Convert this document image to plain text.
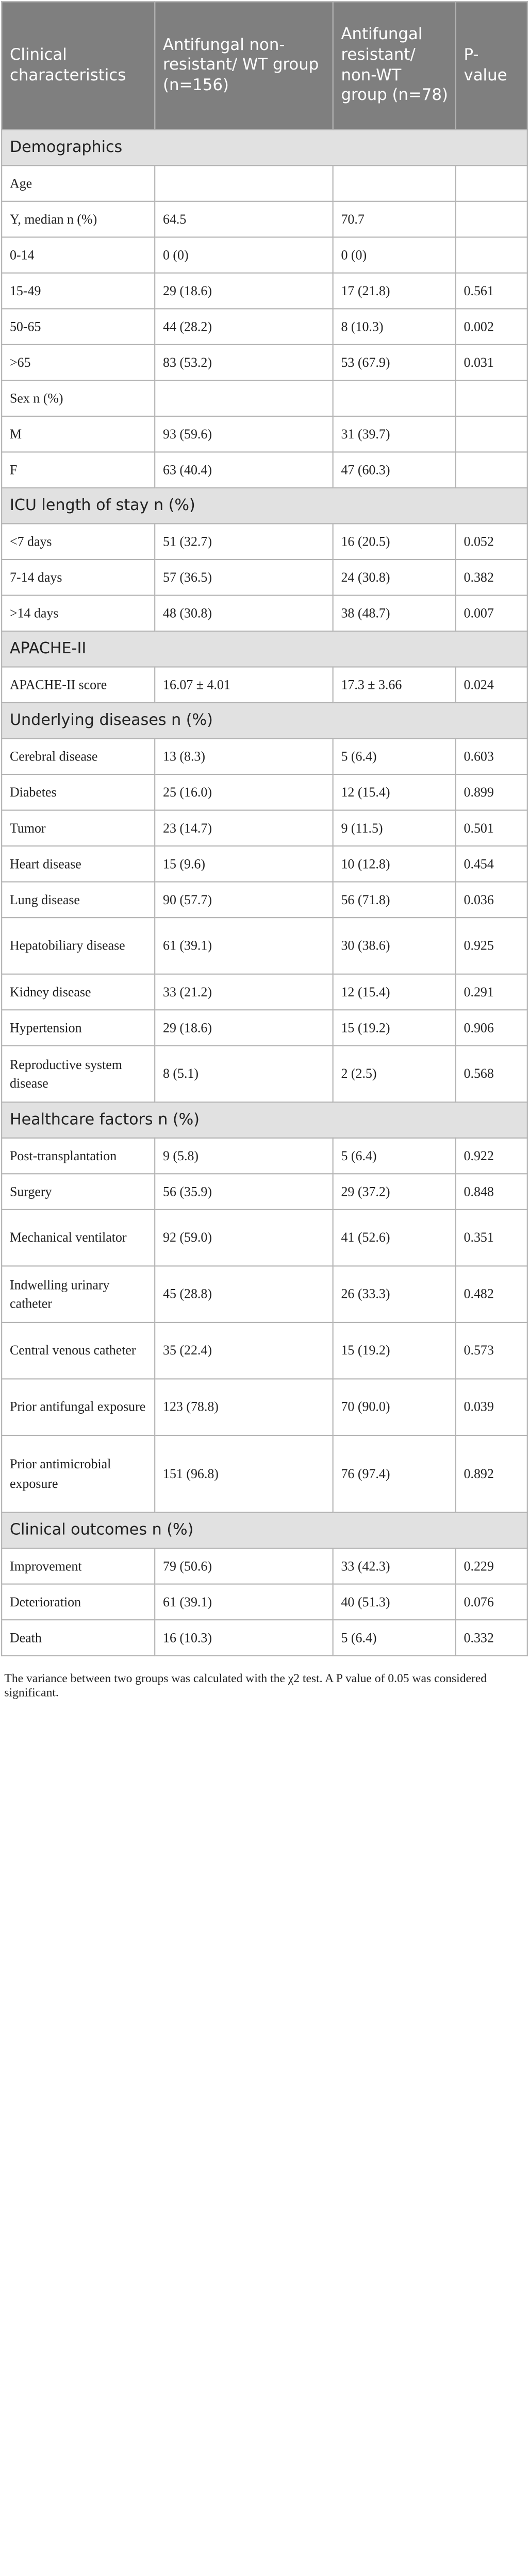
Clinical characteristics	Antifungal non-resistant/ WT group (n=156)	Antifungal resistant/ non-WT group (n=78)	P-value
Demographics			
Age			
Y, median n (%)	64.5	70.7	
0-14	0 (0)	0 (0)	
15-49	29 (18.6)	17 (21.8)	0.561
50-65	44 (28.2)	8 (10.3)	0.002
>65	83 (53.2)	53 (67.9)	0.031
Sex n (%)			
M	93 (59.6)	31 (39.7)	
F	63 (40.4)	47 (60.3)	
ICU length of stay n (%)			
<7 days	51 (32.7)	16 (20.5)	0.052
7-14 days	57 (36.5)	24 (30.8)	0.382
>14 days	48 (30.8)	38 (48.7)	0.007
APACHE-II			
APACHE-II score	16.07 ± 4.01	17.3 ± 3.66	0.024
Underlying diseases n (%)			
Cerebral disease	13 (8.3)	5 (6.4)	0.603
Diabetes	25 (16.0)	12 (15.4)	0.899
Tumor	23 (14.7)	9 (11.5)	0.501
Heart disease	15 (9.6)	10 (12.8)	0.454
Lung disease	90 (57.7)	56 (71.8)	0.036
Hepatobiliary disease	61 (39.1)	30 (38.6)	0.925
Kidney disease	33 (21.2)	12 (15.4)	0.291
Hypertension	29 (18.6)	15 (19.2)	0.906
Reproductive system disease	8 (5.1)	2 (2.5)	0.568
Healthcare factors n (%)			
Post-transplantation	9 (5.8)	5 (6.4)	0.922
Surgery	56 (35.9)	29 (37.2)	0.848
Mechanical ventilator	92 (59.0)	41 (52.6)	0.351
Indwelling urinary catheter	45 (28.8)	26 (33.3)	0.482
Central venous catheter	35 (22.4)	15 (19.2)	0.573
Prior antifungal exposure	123 (78.8)	70 (90.0)	0.039
Prior antimicrobial exposure	151 (96.8)	76 (97.4)	0.892
Clinical outcomes n (%)			
Improvement	79 (50.6)	33 (42.3)	0.229
Deterioration	61 (39.1)	40 (51.3)	0.076
Death	16 (10.3)	5 (6.4)	0.332
The variance between two groups was calculated with the χ2 test. A P value of 0.05 was considered significant.
